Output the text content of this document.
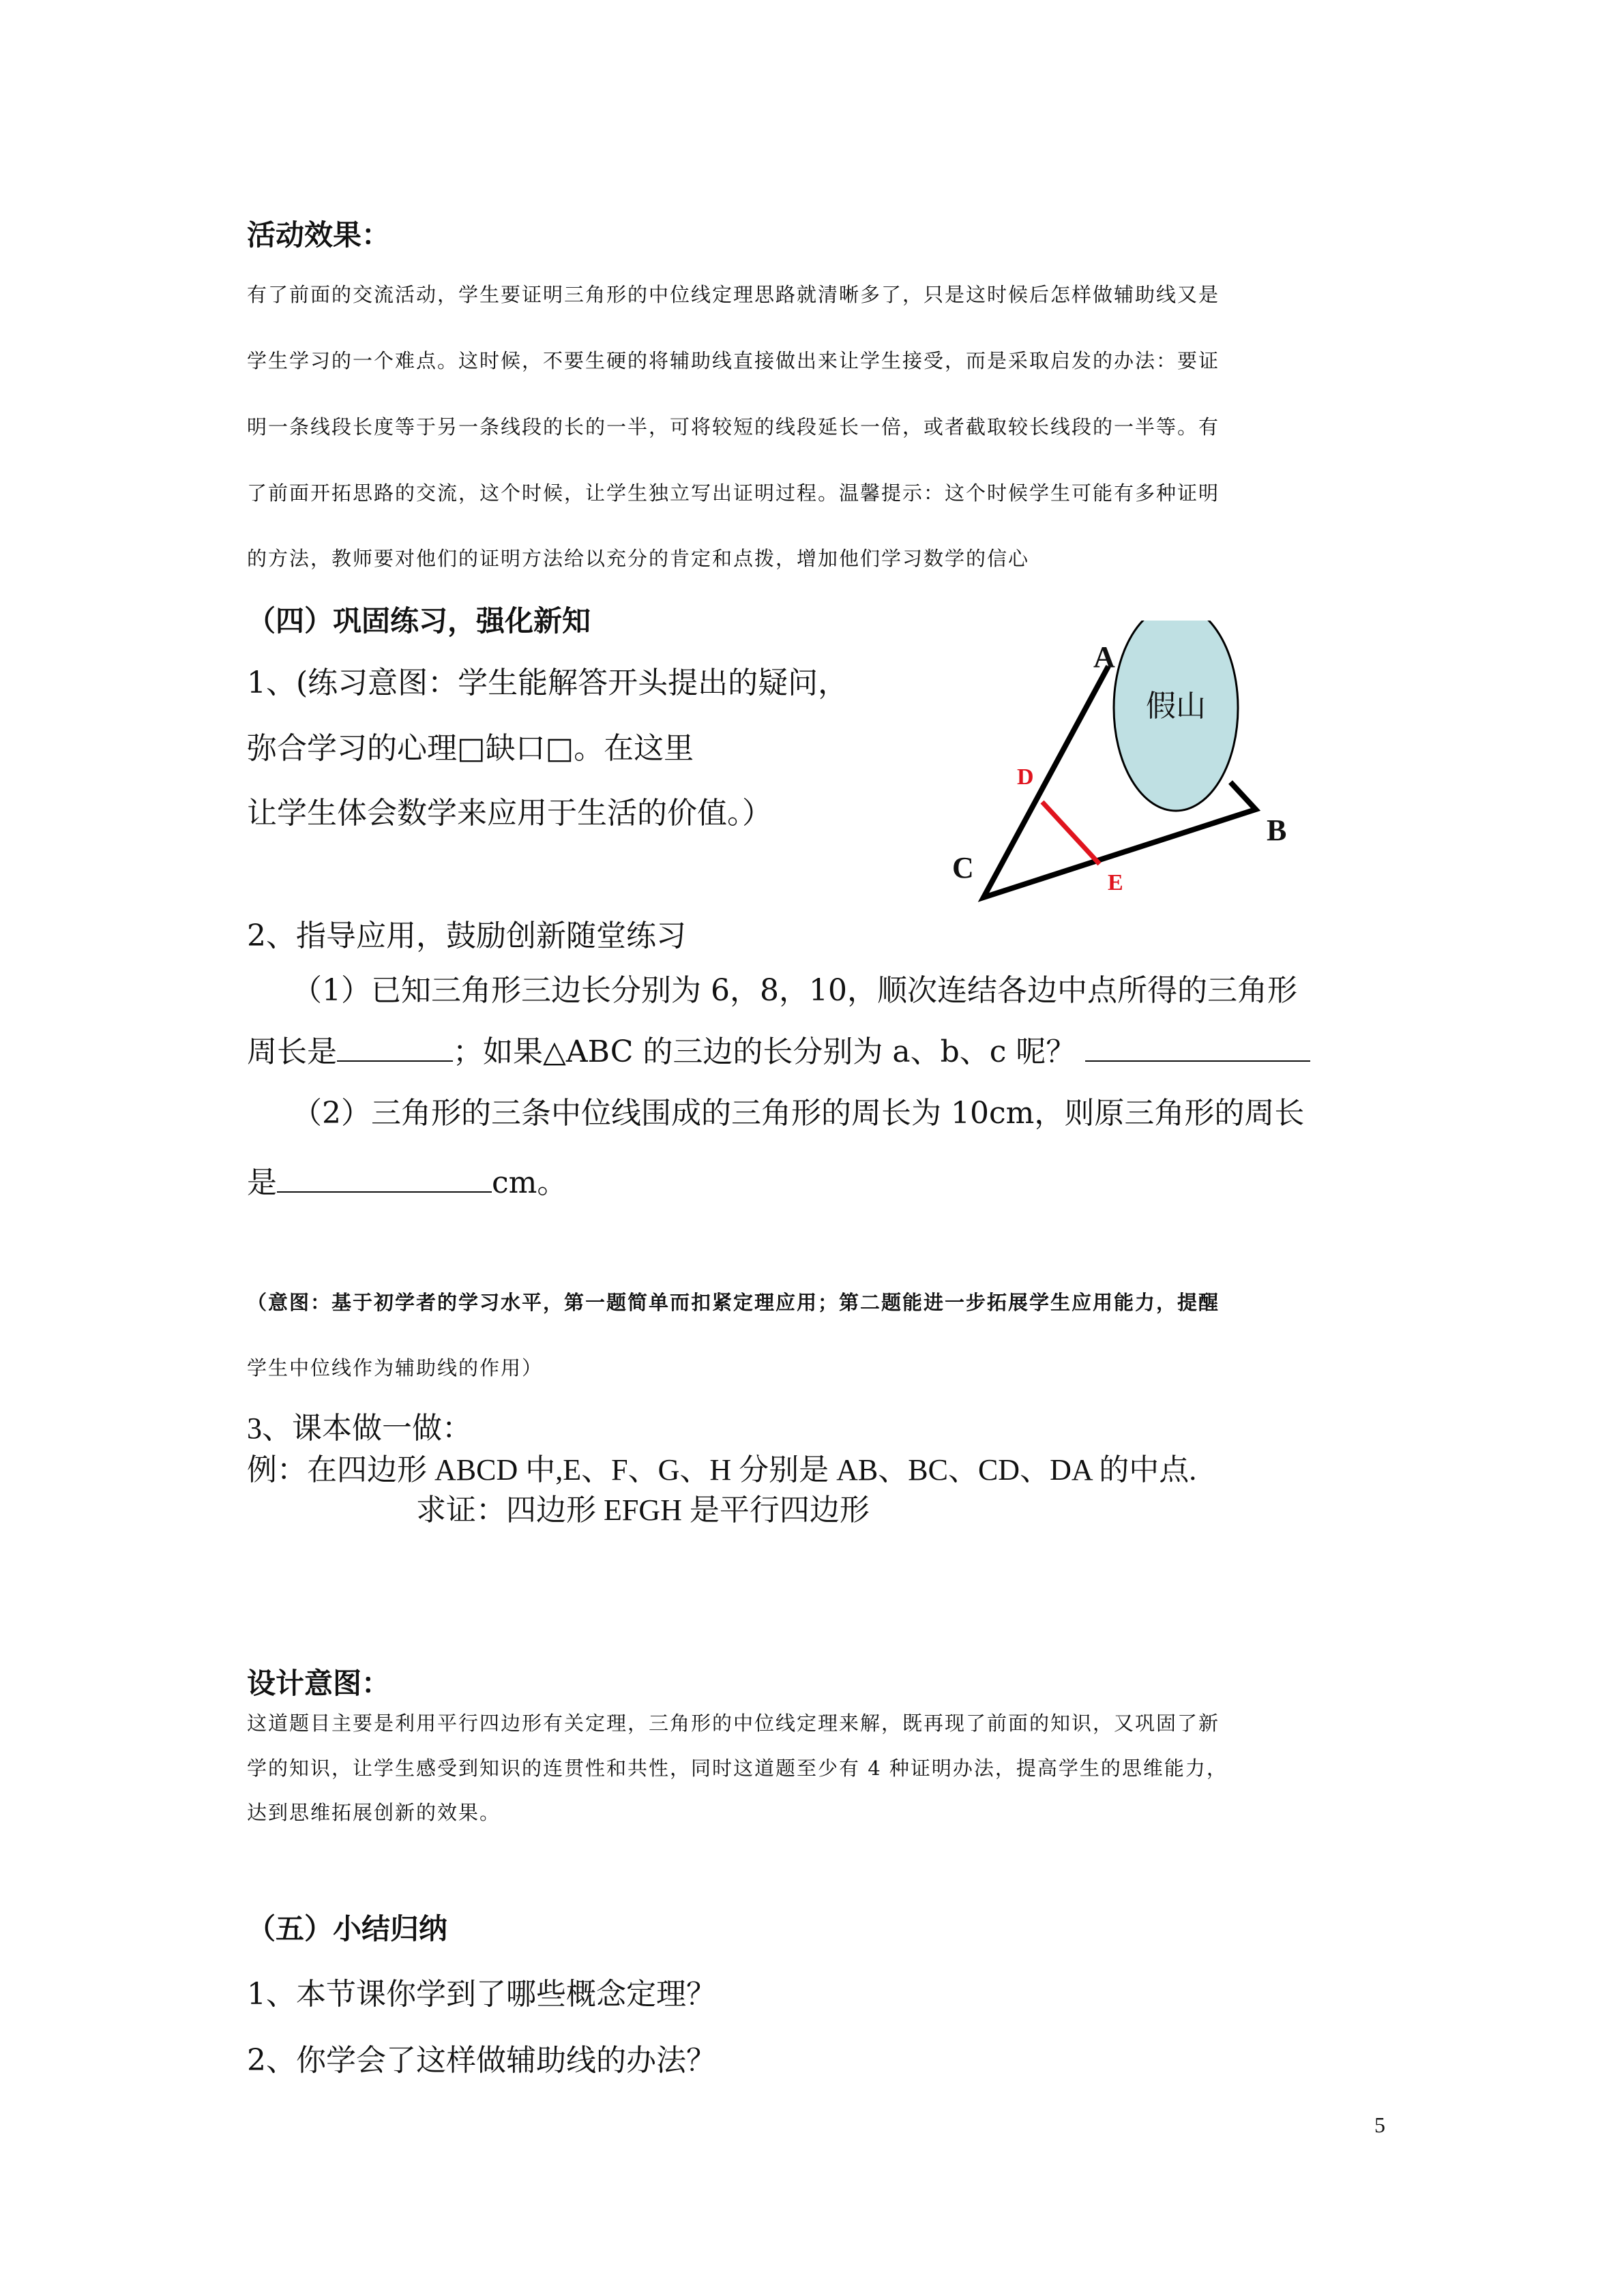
活动效果：
有了前面的交流活动，学生要证明三角形的中位线定理思路就清晰多了，只是这时候后怎样做辅助线又是
学生学习的一个难点。这时候，不要生硬的将辅助线直接做出来让学生接受，而是采取启发的办法：要证
明一条线段长度等于另一条线段的长的一半，可将较短的线段延长一倍，或者截取较长线段的一半等。有
了前面开拓思路的交流，这个时候，让学生独立写出证明过程。温馨提示：这个时候学生可能有多种证明
的方法，教师要对他们的证明方法给以充分的肯定和点拨，增加他们学习数学的信心
（四）巩固练习，强化新知
1、(练习意图：学生能解答开头提出的疑问，
弥合学习的心理□缺口□。在这里
让学生体会数学来应用于生活的价值。）
假山
A
B
C
D
E
2、指导应用，鼓励创新随堂练习
（1）已知三角形三边长分别为 6，8，10，顺次连结各边中点所得的三角形
周长是	；如果△ABC 的三边的长分别为 a、b、c 呢？
（2）三角形的三条中位线围成的三角形的周长为 10cm，则原三角形的周长
是	cm。
（意图：基于初学者的学习水平，第一题简单而扣紧定理应用；第二题能进一步拓展学生应用能力，提醒
学生中位线作为辅助线的作用）
3、课本做一做：
例：在四边形 ABCD 中,E、F、G、H 分别是 AB、BC、CD、DA 的中点.
求证：四边形 EFGH 是平行四边形
设计意图：
这道题目主要是利用平行四边形有关定理，三角形的中位线定理来解，既再现了前面的知识，又巩固了新
学的知识，让学生感受到知识的连贯性和共性，同时这道题至少有 4 种证明办法，提高学生的思维能力，
达到思维拓展创新的效果。
（五）小结归纳
1、本节课你学到了哪些概念定理？
2、你学会了这样做辅助线的办法？
5
